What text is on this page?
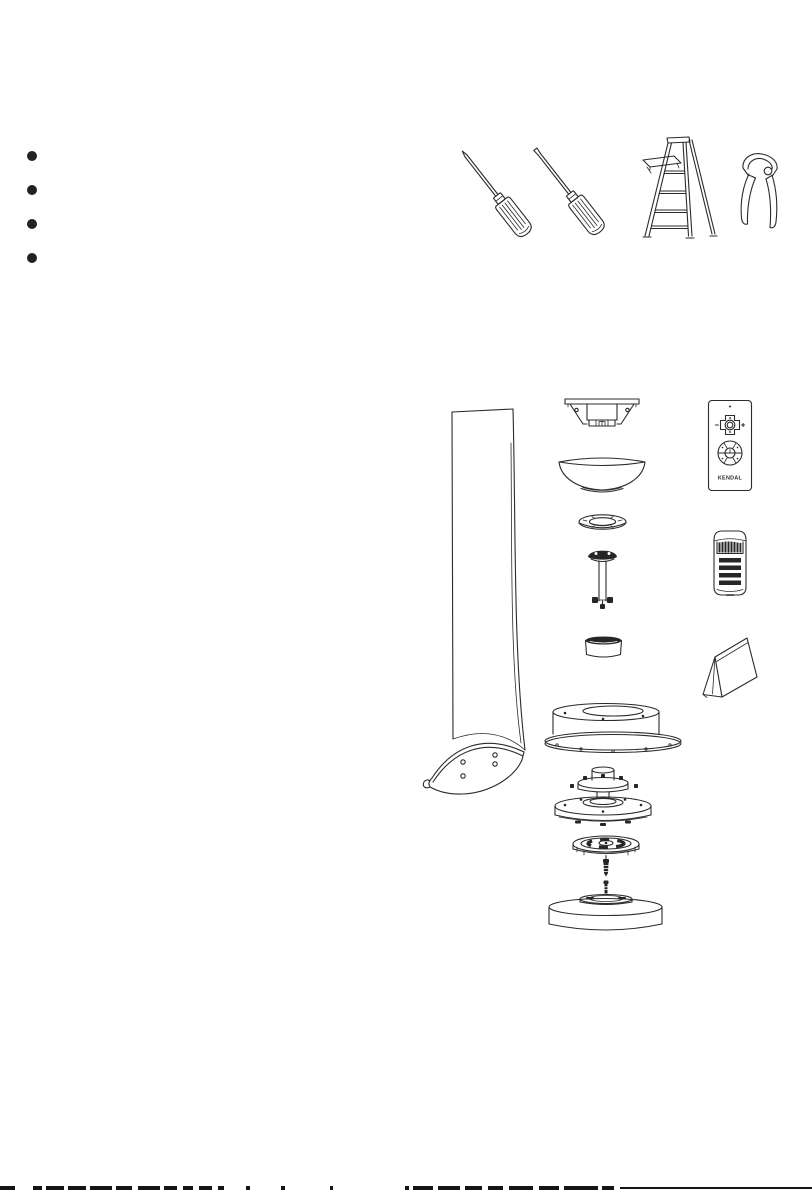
KENDAL
